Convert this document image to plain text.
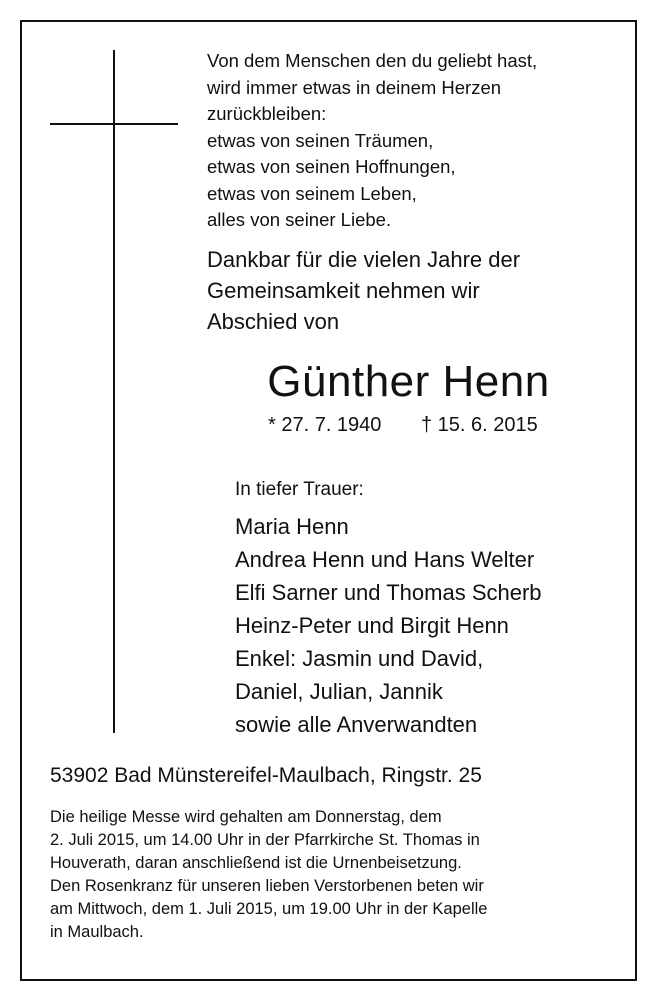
Von dem Menschen den du geliebt hast,
wird immer etwas in deinem Herzen
zurückbleiben:
etwas von seinen Träumen,
etwas von seinen Hoffnungen,
etwas von seinem Leben,
alles von seiner Liebe.
Dankbar für die vielen Jahre der
Gemeinsamkeit nehmen wir
Abschied von
Günther Henn
* 27. 7. 1940 † 15. 6. 2015
In tiefer Trauer:
Maria Henn
Andrea Henn und Hans Welter
Elfi Sarner und Thomas Scherb
Heinz-Peter und Birgit Henn
Enkel: Jasmin und David,
Daniel, Julian, Jannik
sowie alle Anverwandten
53902 Bad Münstereifel-Maulbach, Ringstr. 25
Die heilige Messe wird gehalten am Donnerstag, dem
2. Juli 2015, um 14.00 Uhr in der Pfarrkirche St. Thomas in
Houverath, daran anschließend ist die Urnenbeisetzung.
Den Rosenkranz für unseren lieben Verstorbenen beten wir
am Mittwoch, dem 1. Juli 2015, um 19.00 Uhr in der Kapelle
in Maulbach.
